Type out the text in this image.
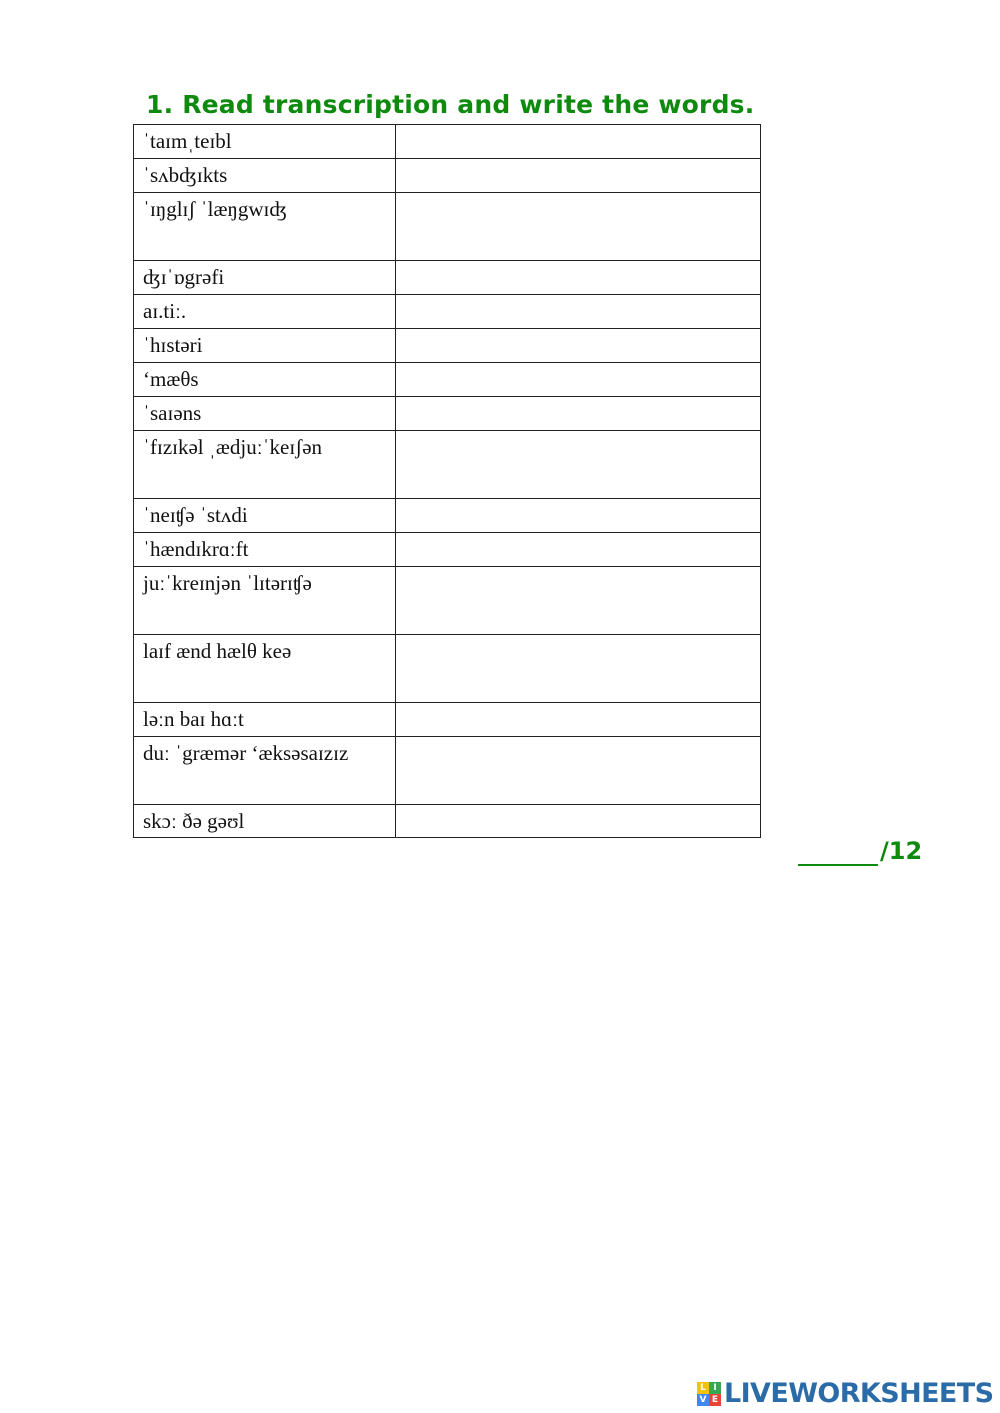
1. Read transcription and write the words.
ˈtaɪmˌteɪbl	

ˈsʌbʤɪkts	

ˈɪŋglɪʃ ˈlæŋgwɪʤ	

ʤɪˈɒgrəfi	

aɪ.tiː.	

ˈhɪstəri	

‘mæθs	

ˈsaɪəns	

ˈfɪzɪkəl ˌædjuːˈkeɪʃən	

ˈneɪʧə ˈstʌdi	

ˈhændɪkrɑːft	

juːˈkreɪnjən ˈlɪtərɪʧə	

laɪf ænd hælθ keə	

ləːn baɪ hɑːt	

duː ˈgræmər ‘æksəsaɪzɪz	

skɔː ðə gəʊl	
/12
L I
V E LIVEWORKSHEETS
